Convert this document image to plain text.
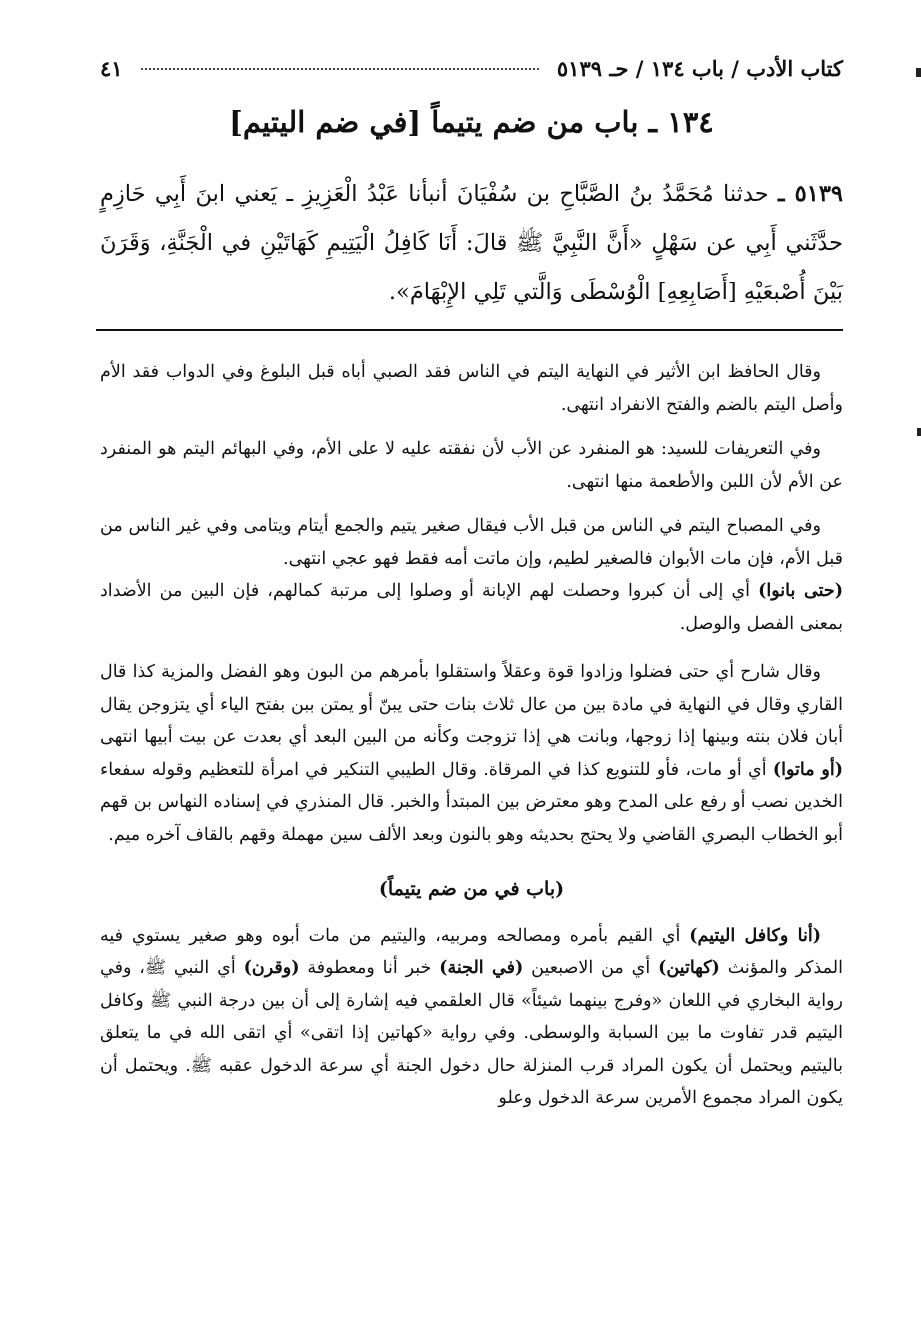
كتاب الأدب / باب ١٣٤ / حـ ٥١٣٩
٤١
١٣٤ ـ باب من ضم يتيماً [في ضم اليتيم]
٥١٣٩ ـ حدثنا مُحَمَّدُ بنُ الصَّبَّاحِ بن سُفْيَانَ أنبأنا عَبْدُ الْعَزِيزِ ـ يَعني ابنَ أَبِي حَازِمٍ حدَّثَني أَبِي عن سَهْلٍ «أَنَّ النَّبِيَّ ﷺ قالَ: أَنَا كَافِلُ الْيَتِيمِ كَهَاتَيْنِ في الْجَنَّةِ، وَقَرَنَ بَيْنَ أُصْبعَيْهِ [أَصَابِعِهِ] الْوُسْطَى وَالَّتي تَلِي الإِبْهَامَ».

وقال الحافظ ابن الأثير في النهاية اليتم في الناس فقد الصبي أباه قبل البلوغ وفي الدواب فقد الأم وأصل اليتم بالضم والفتح الانفراد انتهى.

وفي التعريفات للسيد: هو المنفرد عن الأب لأن نفقته عليه لا على الأم، وفي البهائم اليتم هو المنفرد عن الأم لأن اللبن والأطعمة منها انتهى.

وفي المصباح اليتم في الناس من قبل الأب فيقال صغير يتيم والجمع أيتام ويتامى وفي غير الناس من قبل الأم، فإن مات الأبوان فالصغير لطيم، وإن ماتت أمه فقط فهو عجي انتهى.
(حتى بانوا) أي إلى أن كبروا وحصلت لهم الإبانة أو وصلوا إلى مرتبة كمالهم، فإن البين من الأضداد بمعنى الفصل والوصل.

وقال شارح أي حتى فضلوا وزادوا قوة وعقلاً واستقلوا بأمرهم من البون وهو الفضل والمزية كذا قال القاري وقال في النهاية في مادة بين من عال ثلاث بنات حتى يبنّ أو يمتن ببن بفتح الياء أي يتزوجن يقال أبان فلان بنته وبينها إذا زوجها، وبانت هي إذا تزوجت وكأنه من البين البعد أي بعدت عن بيت أبيها انتهى (أو ماتوا) أي أو مات، فأو للتنويع كذا في المرقاة. وقال الطيبي التنكير في امرأة للتعظيم وقوله سفعاء الخدين نصب أو رفع على المدح وهو معترض بين المبتدأ والخبر. قال المنذري في إسناده النهاس بن قهم أبو الخطاب البصري القاضي ولا يحتج بحديثه وهو بالنون وبعد الألف سين مهملة وقهم بالقاف آخره ميم.

(باب في من ضم يتيماً)

(أنا وكافل اليتيم) أي القيم بأمره ومصالحه ومربيه، واليتيم من مات أبوه وهو صغير يستوي فيه المذكر والمؤنث (كهاتين) أي من الاصبعين (في الجنة) خبر أنا ومعطوفة (وقرن) أي النبي ﷺ، وفي رواية البخاري في اللعان «وفرج بينهما شيئاً» قال العلقمي فيه إشارة إلى أن بين درجة النبي ﷺ وكافل اليتيم قدر تفاوت ما بين السبابة والوسطى. وفي رواية «كهاتين إذا اتقى» أي اتقى الله في ما يتعلق باليتيم ويحتمل أن يكون المراد قرب المنزلة حال دخول الجنة أي سرعة الدخول عقبه ﷺ. ويحتمل أن يكون المراد مجموع الأمرين سرعة الدخول وعلو
